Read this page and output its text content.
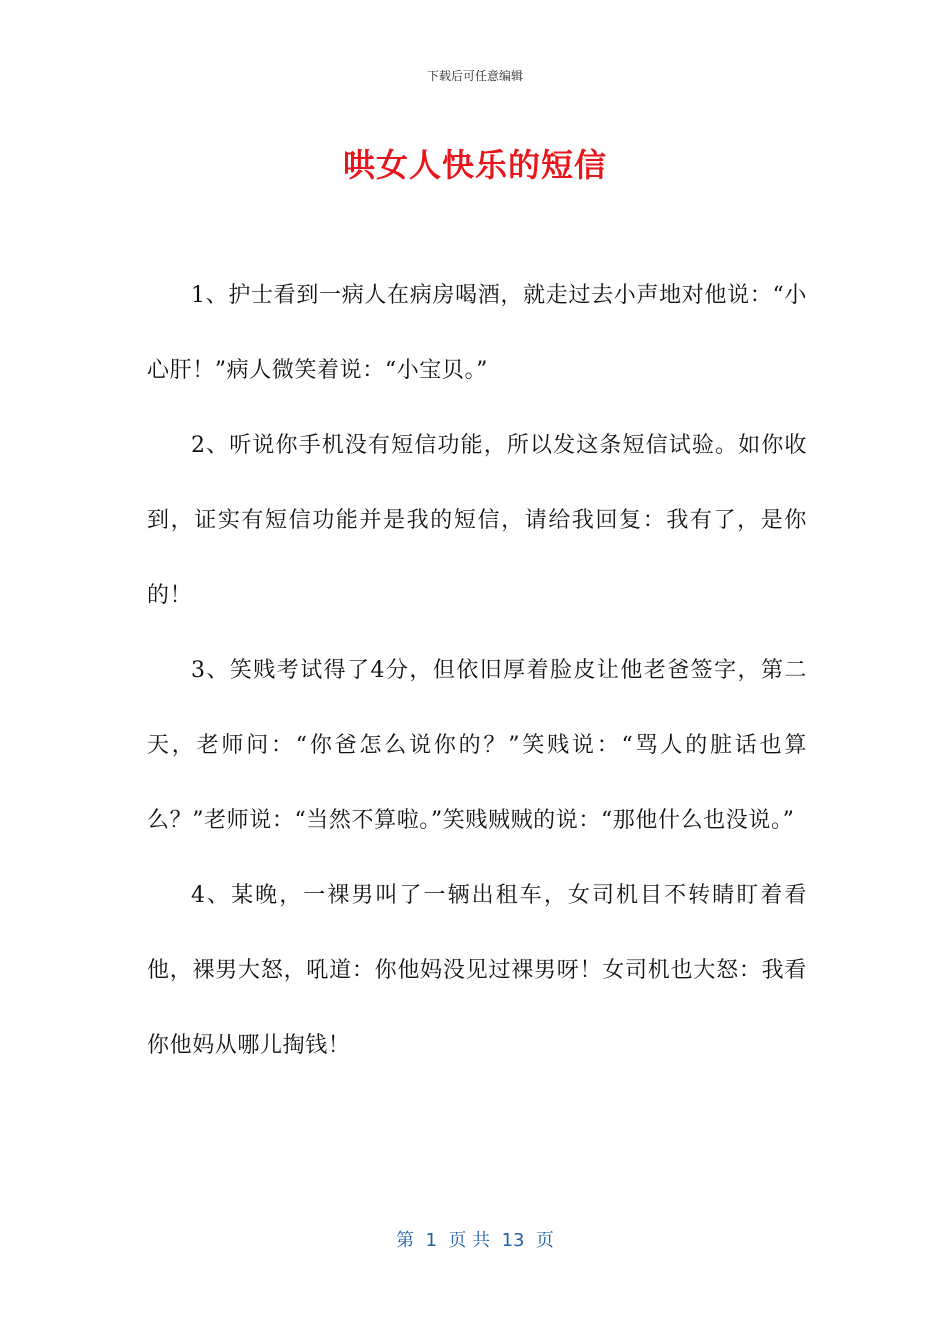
下载后可任意编辑
哄女人快乐的短信

1、护士看到一病人在病房喝酒，就走过去小声地对他说：“小心肝！”病人微笑着说：“小宝贝。”

2、听说你手机没有短信功能，所以发这条短信试验。如你收到，证实有短信功能并是我的短信，请给我回复：我有了，是你的！

3、笑贱考试得了4分，但依旧厚着脸皮让他老爸签字，第二天，老师问：“你爸怎么说你的？”笑贱说：“骂人的脏话也算么？”老师说：“当然不算啦。”笑贱贼贼的说：“那他什么也没说。”

4、某晚，一裸男叫了一辆出租车，女司机目不转睛盯着看他，裸男大怒，吼道：你他妈没见过裸男呀！女司机也大怒：我看你他妈从哪儿掏钱！

第  1  页 共  13  页
